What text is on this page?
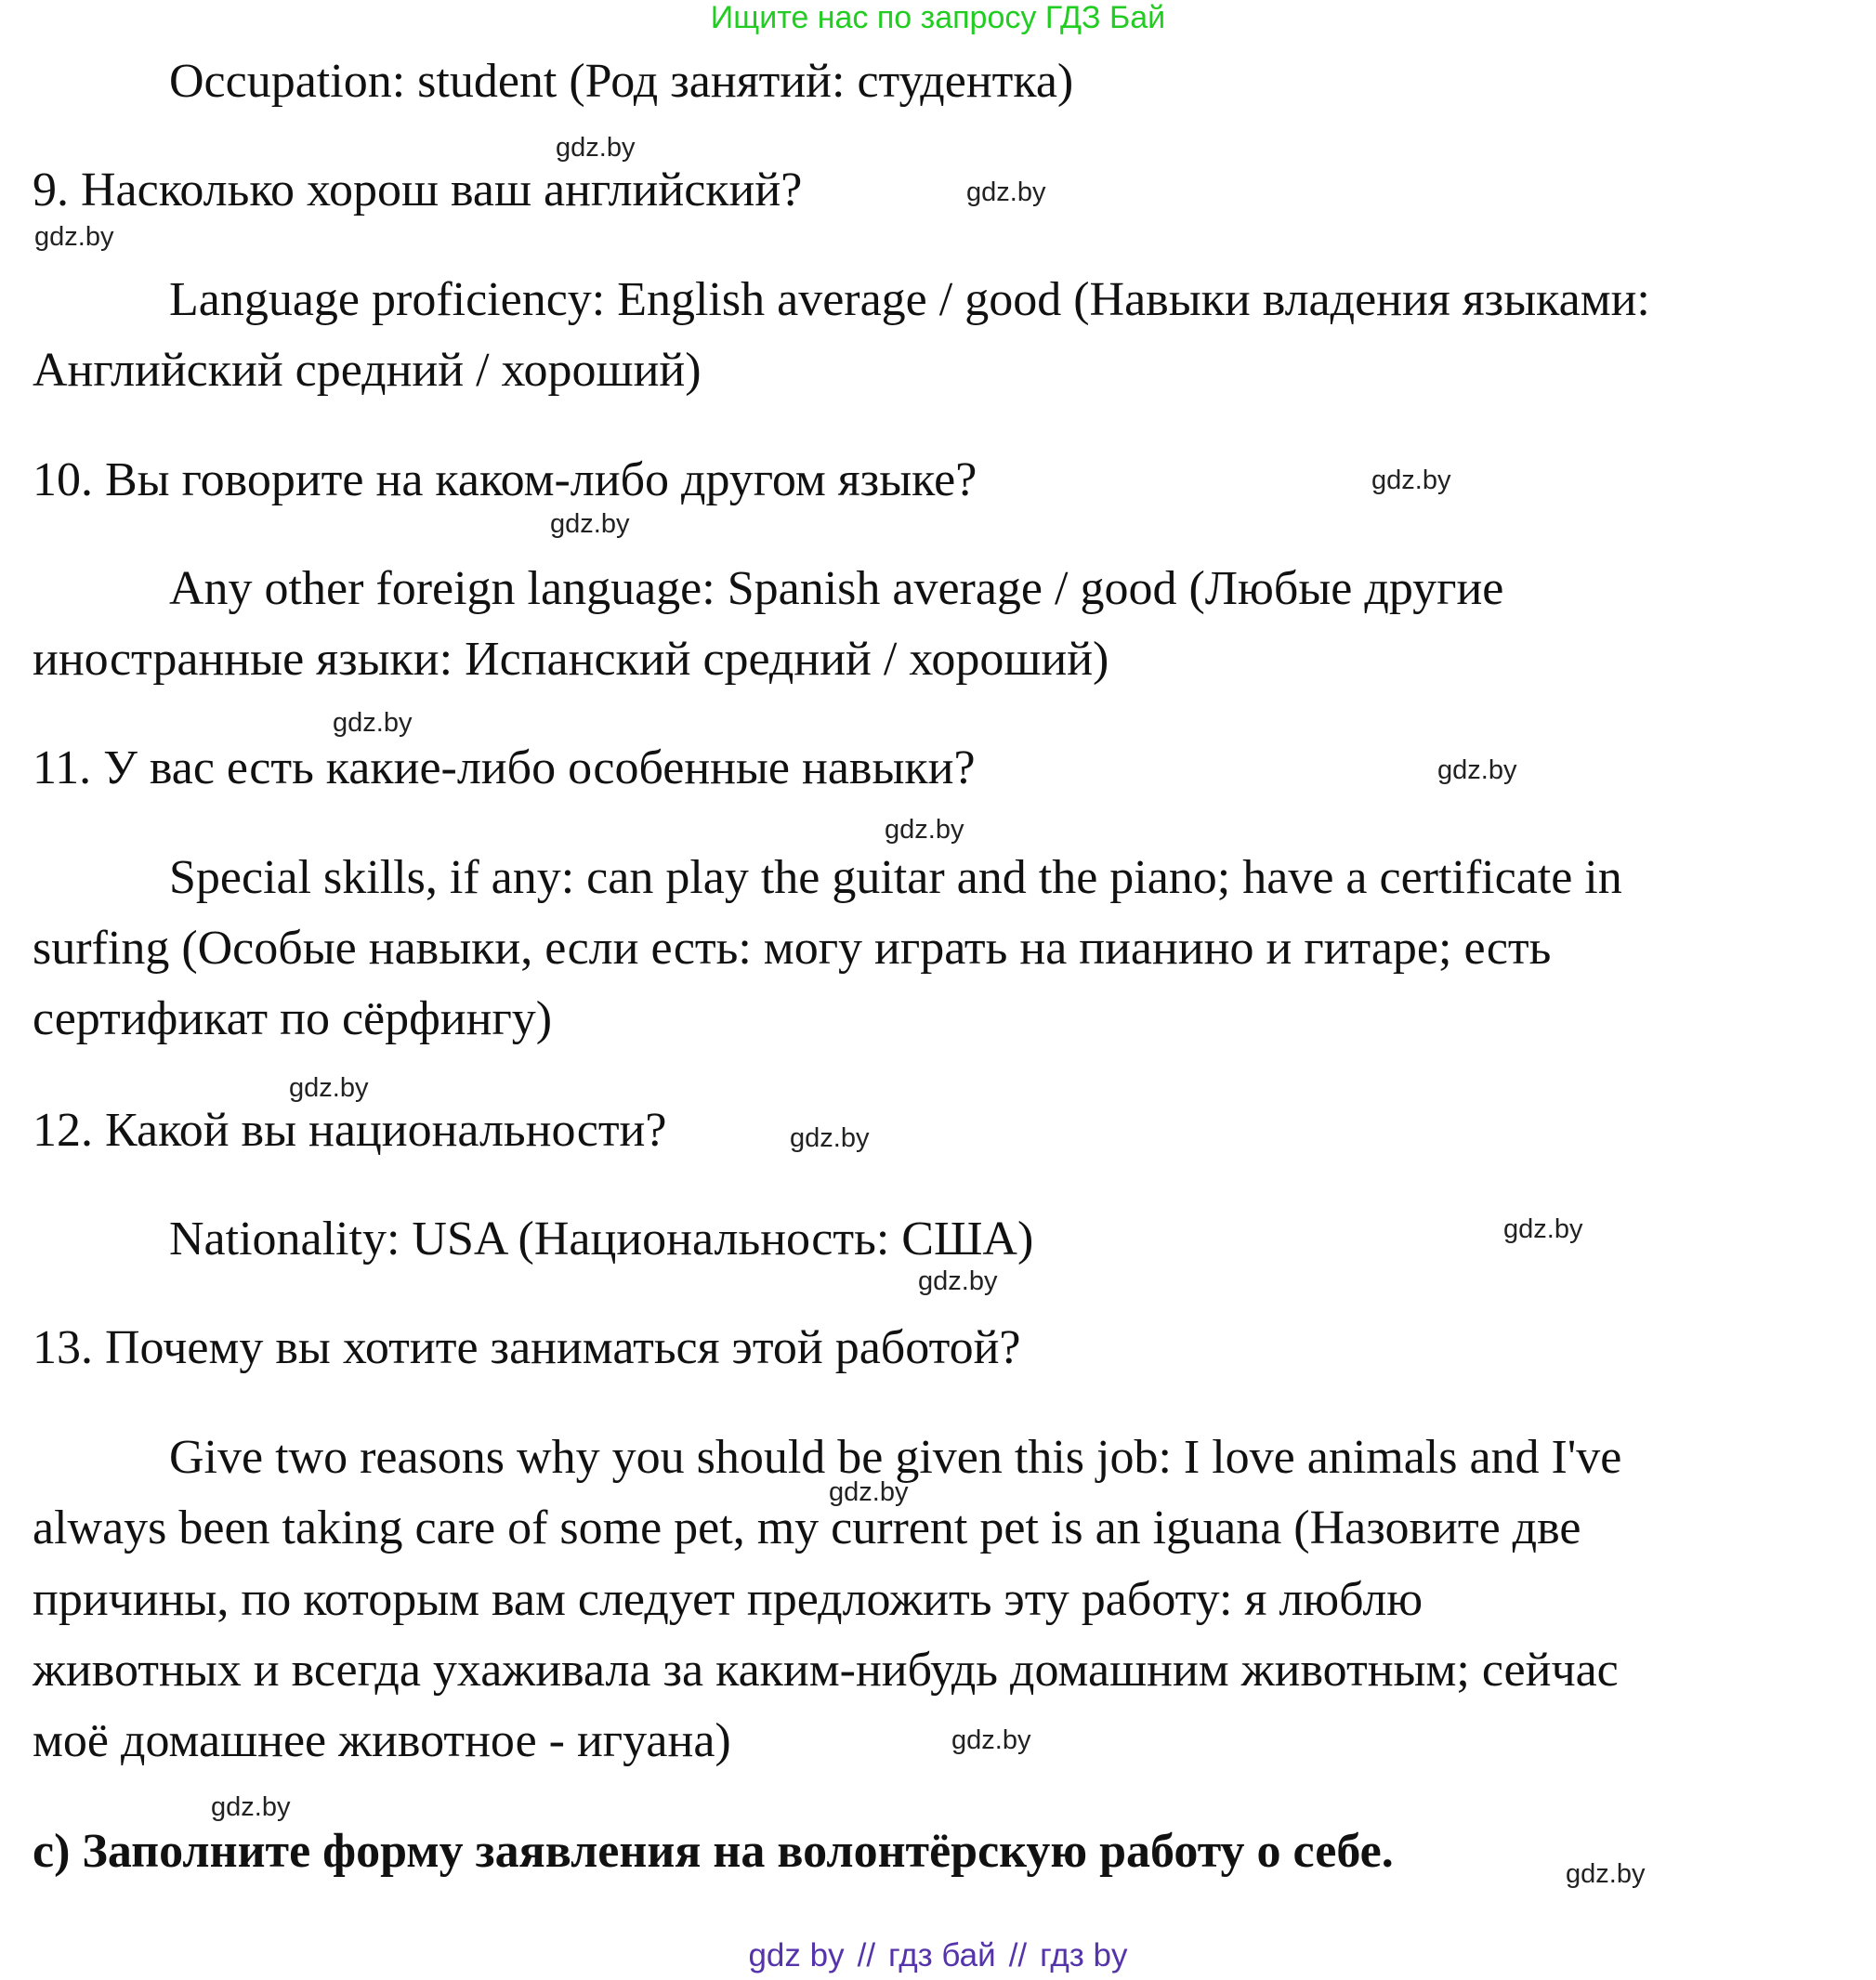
Ищите нас по запросу ГДЗ Бай
Occupation: student (Род занятий: студентка)
gdz.by
9. Насколько хорош ваш английский?	gdz.by
gdz.by
Language proficiency: English average / good (Навыки владения языками:
Английский средний / хороший)
10. Вы говорите на каком-либо другом языке?	gdz.by
gdz.by
Any other foreign language: Spanish average / good (Любые другие
иностранные языки: Испанский средний / хороший)
gdz.by
11. У вас есть какие-либо особенные навыки?	gdz.by
gdz.by
Special skills, if any: can play the guitar and the piano; have a certificate in
surfing (Особые навыки, если есть: могу играть на пианино и гитаре; есть
сертификат по сёрфингу)
gdz.by
12. Какой вы национальности?	gdz.by
Nationality: USA (Национальность: США)	gdz.by
gdz.by
13. Почему вы хотите заниматься этой работой?
Give two reasons why you should be given this job: I love animals and I've
gdz.by
always been taking care of some pet, my current pet is an iguana (Назовите две
причины, по которым вам следует предложить эту работу: я люблю
животных и всегда ухаживала за каким-нибудь домашним животным; сейчас
моё домашнее животное - игуана)	gdz.by
gdz.by
c) Заполните форму заявления на волонтёрскую работу о себе.	gdz.by
gdz by // гдз бай // гдз by
